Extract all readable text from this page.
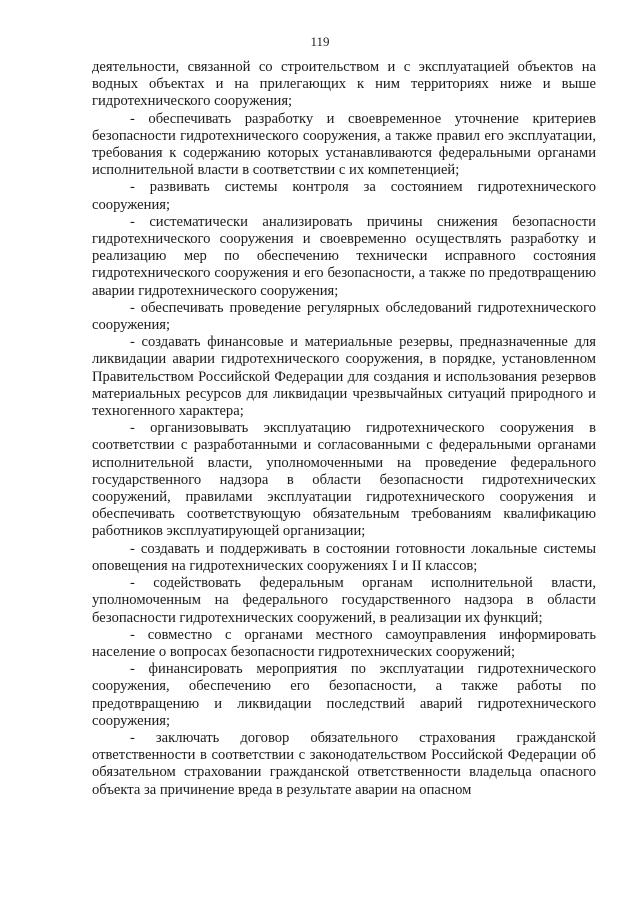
119

деятельности, связанной со строительством и с эксплуатацией объектов на водных объектах и на прилегающих к ним территориях ниже и выше гидротехнического сооружения;

- обеспечивать разработку и своевременное уточнение критериев безопасности гидротехнического сооружения, а также правил его эксплуатации, требования к содержанию которых устанавливаются федеральными органами исполнительной власти в соответствии с их компетенцией;

- развивать системы контроля за состоянием гидротехнического сооружения;

- систематически анализировать причины снижения безопасности гидротехнического сооружения и своевременно осуществлять разработку и реализацию мер по обеспечению технически исправного состояния гидротехнического сооружения и его безопасности, а также по предотвращению аварии гидротехнического сооружения;

- обеспечивать проведение регулярных обследований гидротехнического сооружения;

- создавать финансовые и материальные резервы, предназначенные для ликвидации аварии гидротехнического сооружения, в порядке, установленном Правительством Российской Федерации для создания и использования резервов материальных ресурсов для ликвидации чрезвычайных ситуаций природного и техногенного характера;

- организовывать эксплуатацию гидротехнического сооружения в соответствии с разработанными и согласованными с федеральными органами исполнительной власти, уполномоченными на проведение федерального государственного надзора в области безопасности гидротехнических сооружений, правилами эксплуатации гидротехнического сооружения и обеспечивать соответствующую обязательным требованиям квалификацию работников эксплуатирующей организации;

- создавать и поддерживать в состоянии готовности локальные системы оповещения на гидротехнических сооружениях I и II классов;

- содействовать федеральным органам исполнительной власти, уполномоченным на федерального государственного надзора в области безопасности гидротехнических сооружений, в реализации их функций;

- совместно с органами местного самоуправления информировать население о вопросах безопасности гидротехнических сооружений;

- финансировать мероприятия по эксплуатации гидротехнического сооружения, обеспечению его безопасности, а также работы по предотвращению и ликвидации последствий аварий гидротехнического сооружения;

- заключать договор обязательного страхования гражданской ответственности в соответствии с законодательством Российской Федерации об обязательном страховании гражданской ответственности владельца опасного объекта за причинение вреда в результате аварии на опасном
